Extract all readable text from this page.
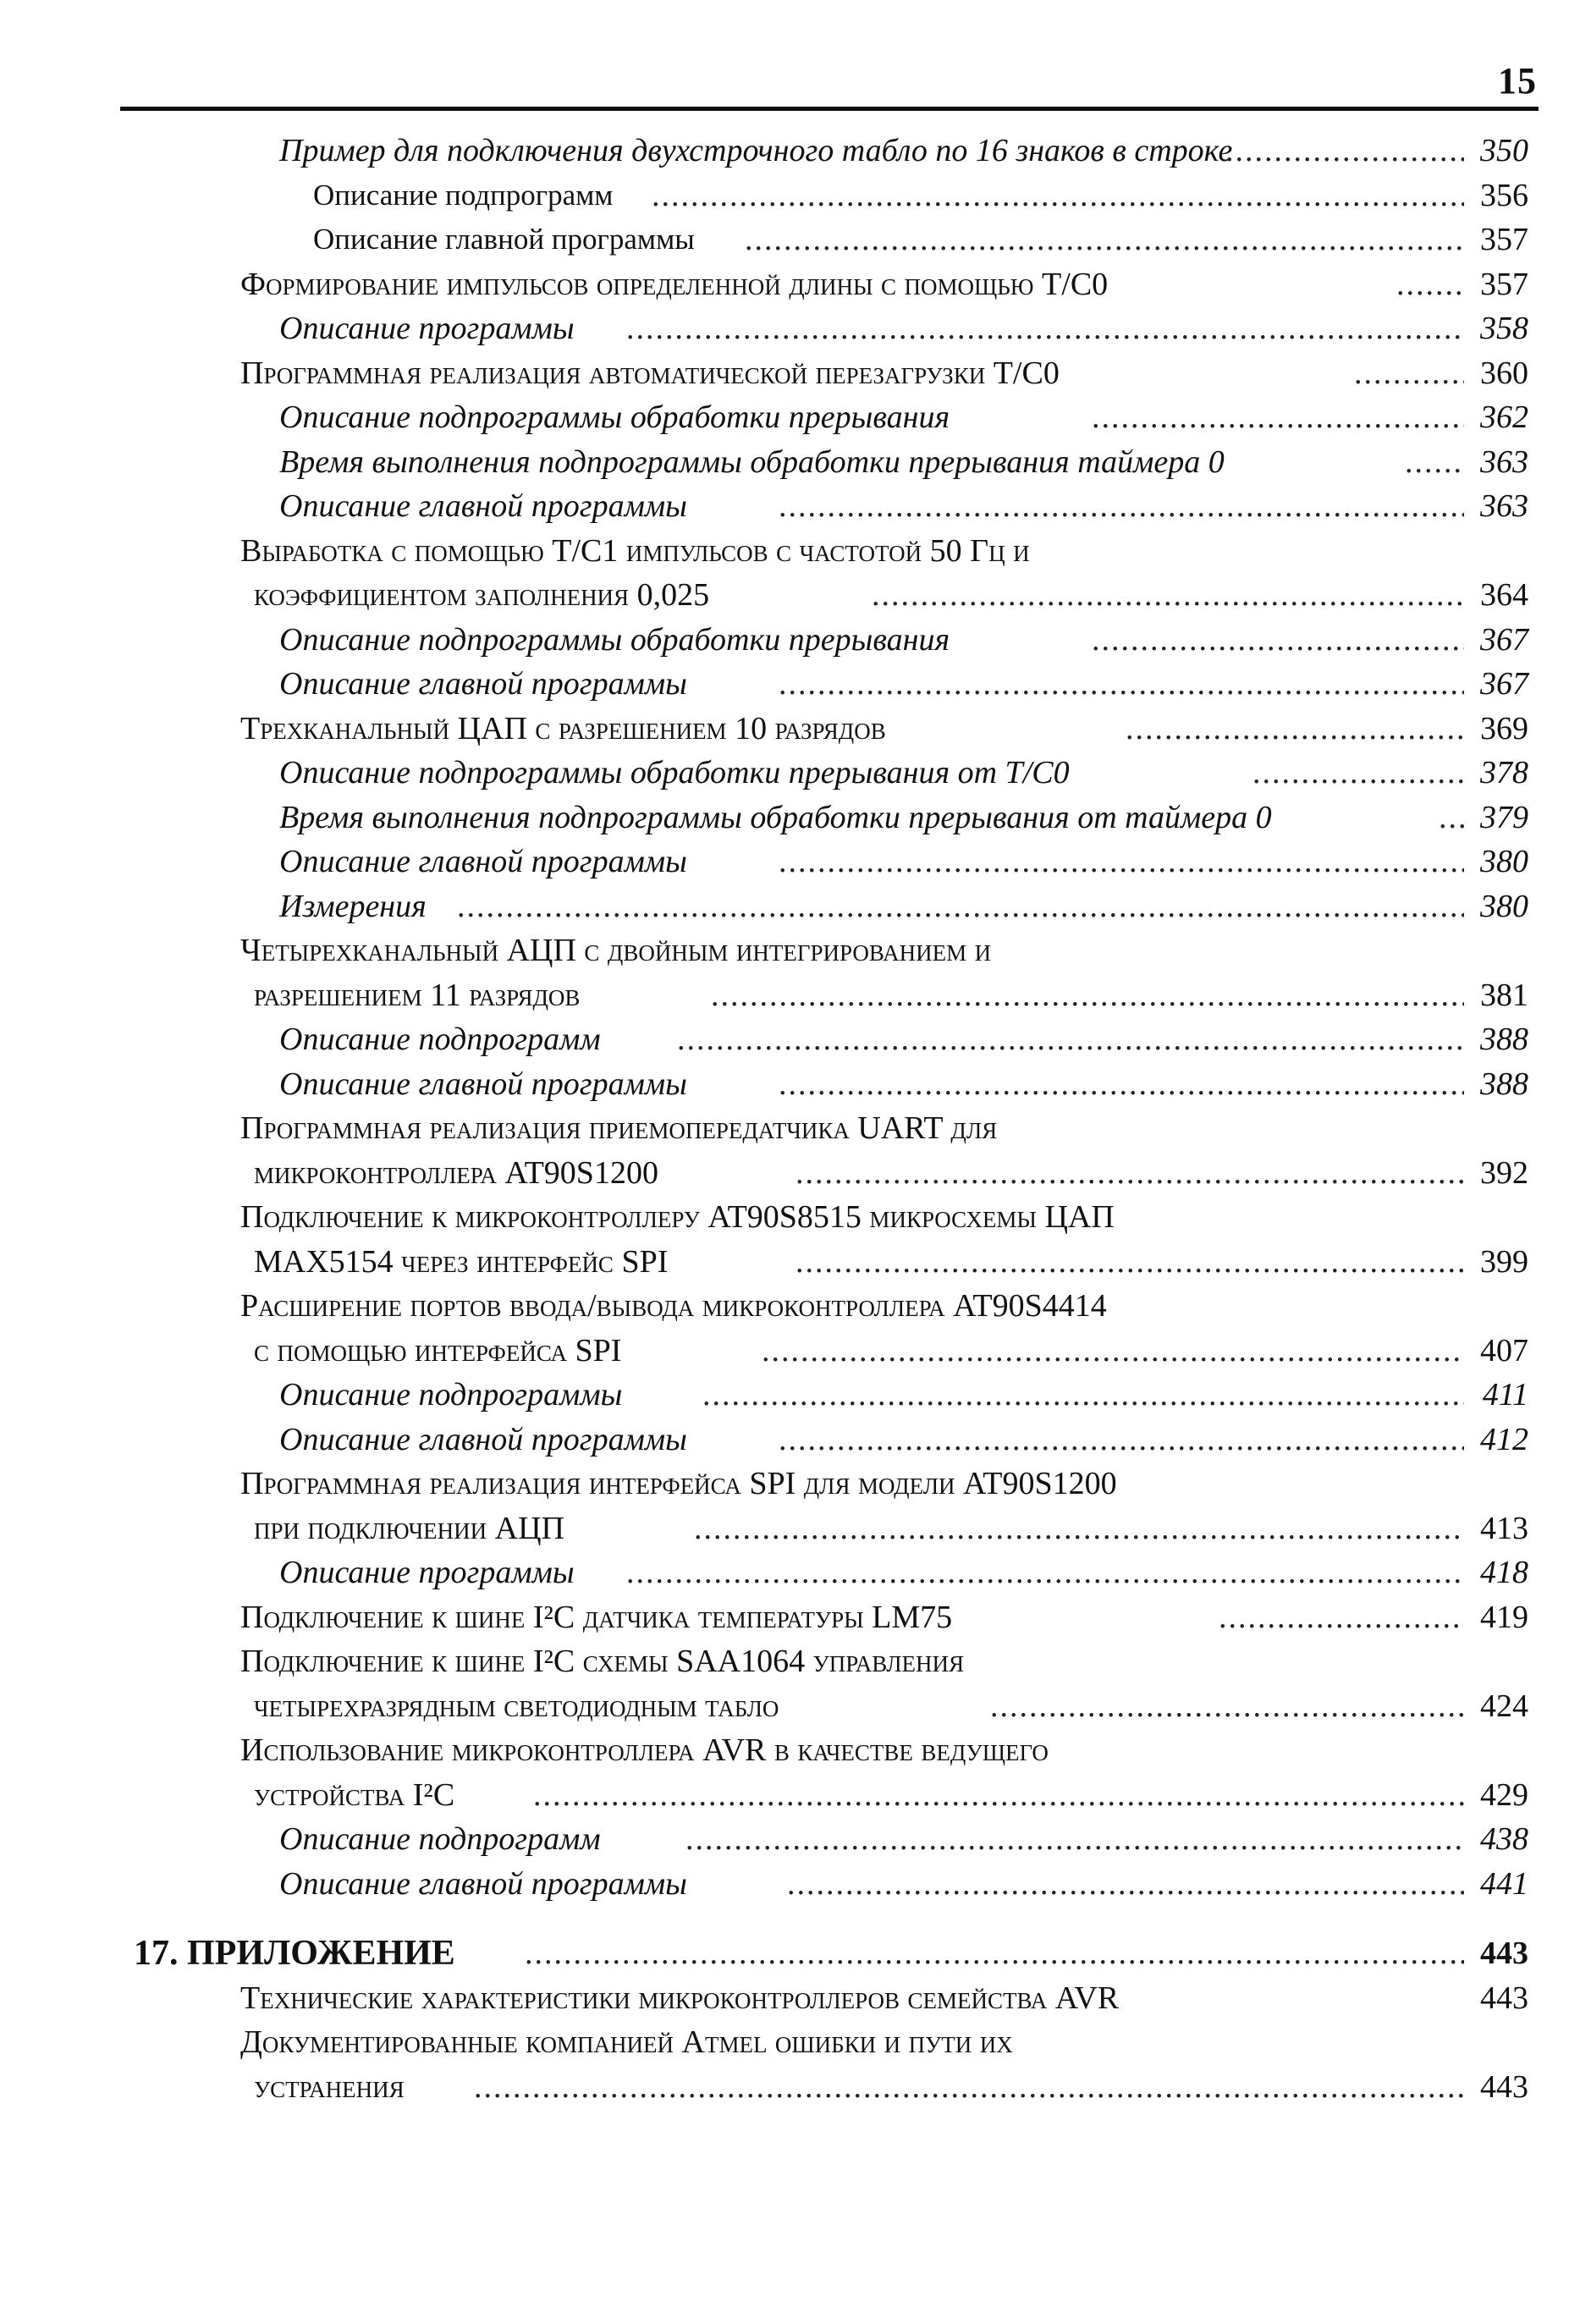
15
Пример для подключения двухстрочного табло по 16 знаков в строке .....	350
Описание подпрограмм .....	356
Описание главной программы .....	357
Формирование импульсов определенной длины с помощью T/C0 .....	357
Описание программы .....	358
Программная реализация автоматической перезагрузки T/C0 .....	360
Описание подпрограммы обработки прерывания .....	362
Время выполнения подпрограммы обработки прерывания таймера 0 .....	363
Описание главной программы .....	363
Выработка с помощью T/C1 импульсов с частотой 50 Гц и
коэффициентом заполнения 0,025 .....	364
Описание подпрограммы обработки прерывания .....	367
Описание главной программы .....	367
Трехканальный ЦАП с разрешением 10 разрядов .....	369
Описание подпрограммы обработки прерывания от T/C0 .....	378
Время выполнения подпрограммы обработки прерывания от таймера 0 .....	379
Описание главной программы .....	380
Измерения .....	380
Четырехканальный АЦП с двойным интегрированием и
разрешением 11 разрядов .....	381
Описание подпрограмм .....	388
Описание главной программы .....	388
Программная реализация приемопередатчика UART для
микроконтроллера AT90S1200 .....	392
Подключение к микроконтроллеру AT90S8515 микросхемы ЦАП
MAX5154 через интерфейс SPI .....	399
Расширение портов ввода/вывода микроконтроллера AT90S4414
с помощью интерфейса SPI .....	407
Описание подпрограммы .....	411
Описание главной программы .....	412
Программная реализация интерфейса SPI для модели AT90S1200
при подключении АЦП .....	413
Описание программы .....	418
Подключение к шине I²C датчика температуры LM75 .....	419
Подключение к шине I²C схемы SAA1064 управления
четырехразрядным светодиодным табло .....	424
Использование микроконтроллера AVR в качестве ведущего
устройства I²C .....	429
Описание подпрограмм .....	438
Описание главной программы .....	441
17. ПРИЛОЖЕНИЕ .....	443
Технические характеристики микроконтроллеров семейства AVR	443
Документированные компанией Atmel ошибки и пути их
устранения .....	443
